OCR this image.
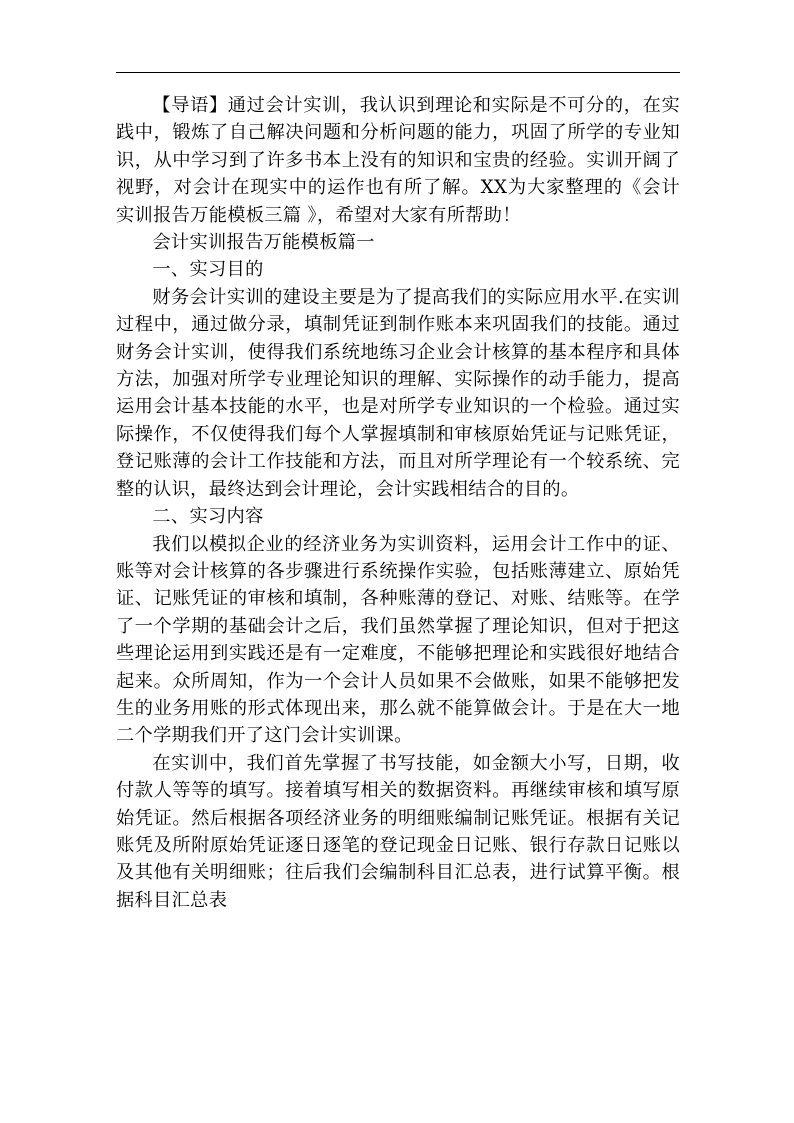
【导语】通过会计实训，我认识到理论和实际是不可分的，在实践中，锻炼了自己解决问题和分析问题的能力，巩固了所学的专业知识，从中学习到了许多书本上没有的知识和宝贵的经验。实训开阔了视野，对会计在现实中的运作也有所了解。XX为大家整理的《会计实训报告万能模板三篇 》，希望对大家有所帮助！

会计实训报告万能模板篇一

一、实习目的

财务会计实训的建设主要是为了提高我们的实际应用水平.在实训过程中，通过做分录，填制凭证到制作账本来巩固我们的技能。通过财务会计实训，使得我们系统地练习企业会计核算的基本程序和具体方法，加强对所学专业理论知识的理解、实际操作的动手能力，提高运用会计基本技能的水平，也是对所学专业知识的一个检验。通过实际操作，不仅使得我们每个人掌握填制和审核原始凭证与记账凭证，登记账薄的会计工作技能和方法，而且对所学理论有一个较系统、完整的认识，最终达到会计理论，会计实践相结合的目的。

二、实习内容

我们以模拟企业的经济业务为实训资料，运用会计工作中的证、账等对会计核算的各步骤进行系统操作实验，包括账薄建立、原始凭证、记账凭证的审核和填制，各种账薄的登记、对账、结账等。在学了一个学期的基础会计之后，我们虽然掌握了理论知识，但对于把这些理论运用到实践还是有一定难度，不能够把理论和实践很好地结合起来。众所周知，作为一个会计人员如果不会做账，如果不能够把发生的业务用账的形式体现出来，那么就不能算做会计。于是在大一地二个学期我们开了这门会计实训课。

在实训中，我们首先掌握了书写技能，如金额大小写，日期，收付款人等等的填写。接着填写相关的数据资料。再继续审核和填写原始凭证。然后根据各项经济业务的明细账编制记账凭证。根据有关记账凭及所附原始凭证逐日逐笔的登记现金日记账、银行存款日记账以及其他有关明细账；往后我们会编制科目汇总表，进行试算平衡。根据科目汇总表
